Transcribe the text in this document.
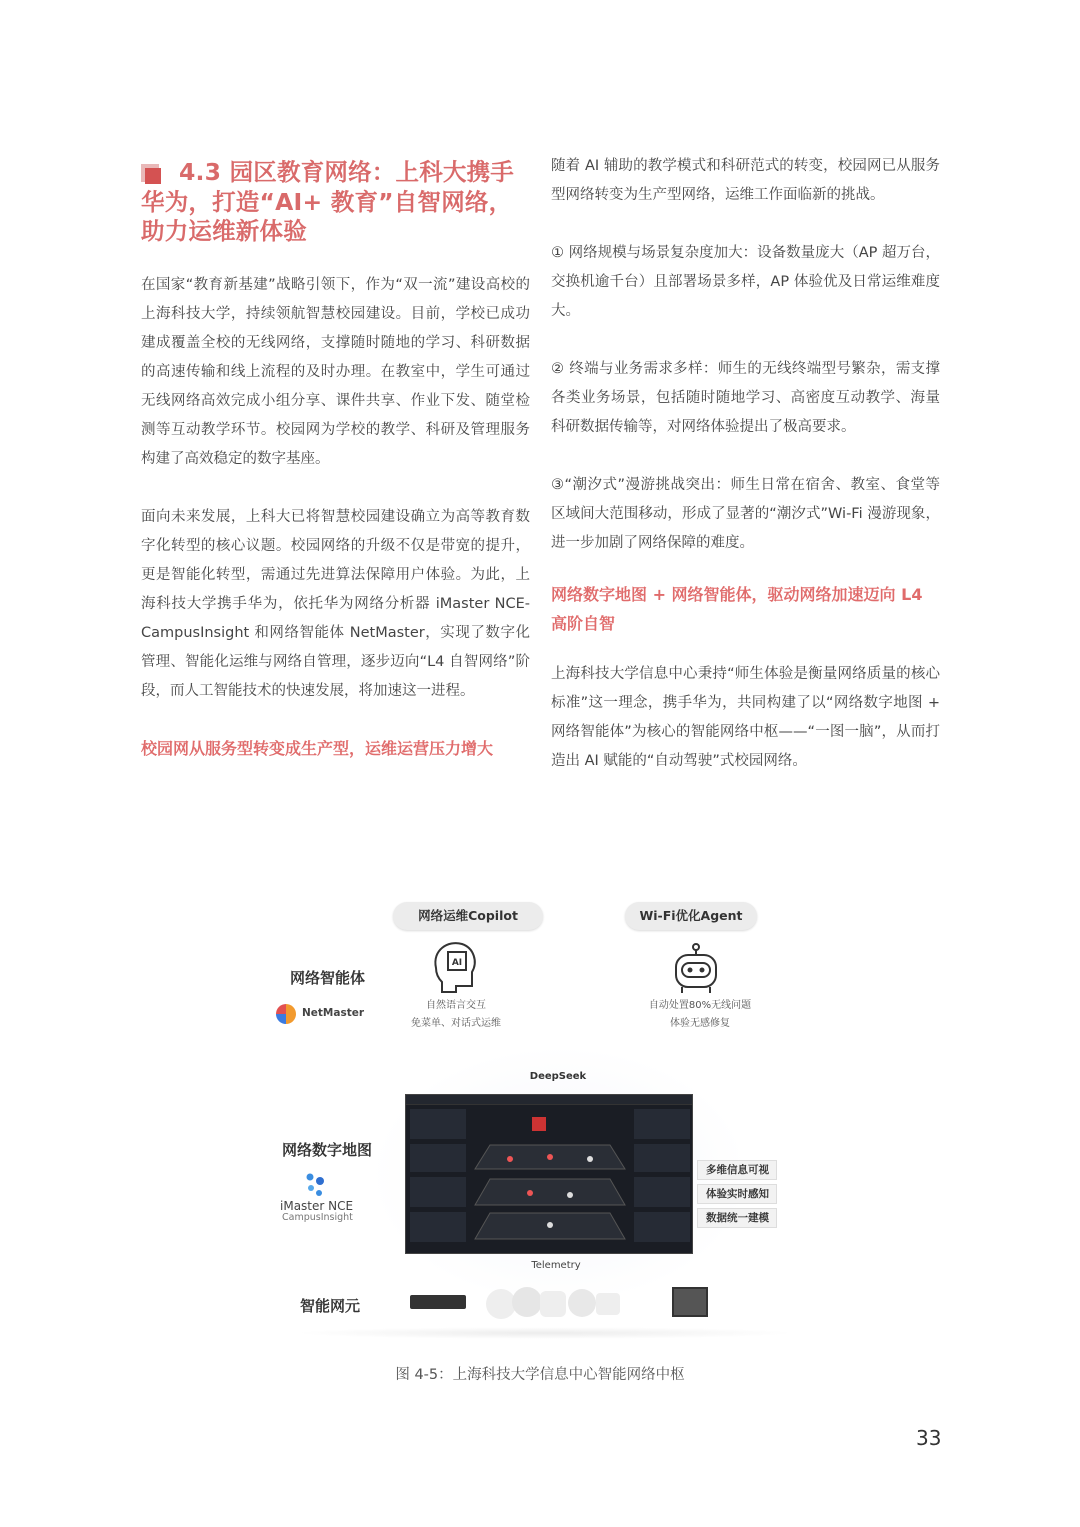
4.3 园区教育网络：上科大携手
华为，打造“AI+ 教育”自智网络，
助力运维新体验

在国家“教育新基建”战略引领下，作为“双一流”建设高校的上海科技大学，持续领航智慧校园建设。目前，学校已成功建成覆盖全校的无线网络，支撑随时随地的学习、科研数据的高速传输和线上流程的及时办理。在教室中，学生可通过无线网络高效完成小组分享、课件共享、作业下发、随堂检测等互动教学环节。校园网为学校的教学、科研及管理服务构建了高效稳定的数字基座。

面向未来发展，上科大已将智慧校园建设确立为高等教育数字化转型的核心议题。校园网络的升级不仅是带宽的提升，更是智能化转型，需通过先进算法保障用户体验。为此，上海科技大学携手华为，依托华为网络分析器 iMaster NCE-CampusInsight 和网络智能体 NetMaster，实现了数字化管理、智能化运维与网络自管理，逐步迈向“L4 自智网络”阶段，而人工智能技术的快速发展，将加速这一进程。

校园网从服务型转变成生产型，运维运营压力增大

随着 AI 辅助的教学模式和科研范式的转变，校园网已从服务型网络转变为生产型网络，运维工作面临新的挑战。

① 网络规模与场景复杂度加大：设备数量庞大（AP 超万台，交换机逾千台）且部署场景多样，AP 体验优及日常运维难度大。

② 终端与业务需求多样：师生的无线终端型号繁杂，需支撑各类业务场景，包括随时随地学习、高密度互动教学、海量科研数据传输等，对网络体验提出了极高要求。

③“潮汐式”漫游挑战突出：师生日常在宿舍、教室、食堂等区域间大范围移动，形成了显著的“潮汐式”Wi-Fi 漫游现象，进一步加剧了网络保障的难度。

网络数字地图 + 网络智能体，驱动网络加速迈向 L4 高阶自智

上海科技大学信息中心秉持“师生体验是衡量网络质量的核心标准”这一理念，携手华为，共同构建了以“网络数字地图 + 网络智能体”为核心的智能网络中枢——“一图一脑”，从而打造出 AI 赋能的“自动驾驶”式校园网络。

网络运维Copilot	Wi-Fi优化Agent
网络智能体
NetMaster
AI
自然语言交互
免菜单、对话式运维
自动处置80%无线问题
体验无感修复
DeepSeek
网络数字地图
iMaster NCE
CampusInsight
多维信息可视
体验实时感知
数据统一建模
Telemetry
智能网元
图 4-5：上海科技大学信息中心智能网络中枢
33
